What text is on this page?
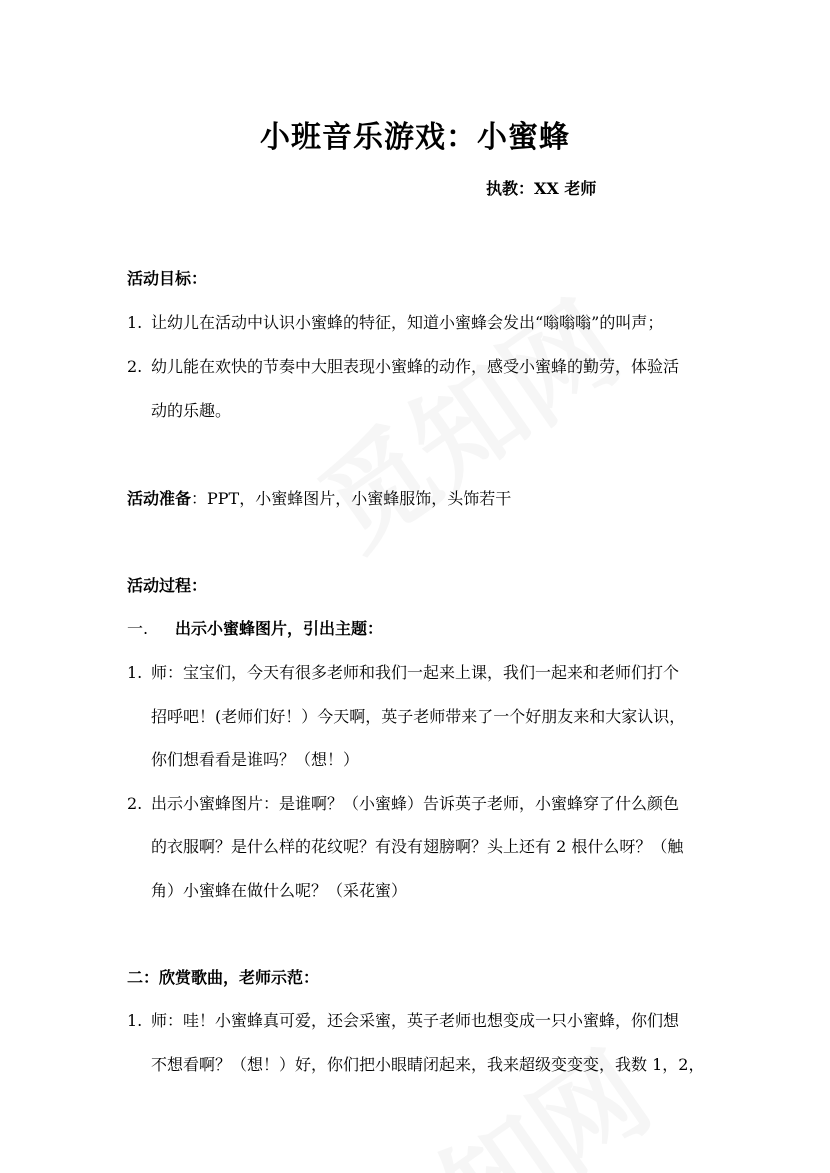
小班音乐游戏：小蜜蜂
执教：XX 老师
活动目标：
1. 让幼儿在活动中认识小蜜蜂的特征，知道小蜜蜂会发出“嗡嗡嗡”的叫声；
2. 幼儿能在欢快的节奏中大胆表现小蜜蜂的动作，感受小蜜蜂的勤劳，体验活
动的乐趣。
活动准备：PPT，小蜜蜂图片，小蜜蜂服饰，头饰若干
活动过程：
一. 出示小蜜蜂图片，引出主题：
1. 师：宝宝们，今天有很多老师和我们一起来上课，我们一起来和老师们打个
招呼吧！(老师们好！）今天啊，英子老师带来了一个好朋友来和大家认识，
你们想看看是谁吗？（想！）
2. 出示小蜜蜂图片：是谁啊？（小蜜蜂）告诉英子老师，小蜜蜂穿了什么颜色
的衣服啊？是什么样的花纹呢？有没有翅膀啊？头上还有 2 根什么呀？（触
角）小蜜蜂在做什么呢？（采花蜜）
二：欣赏歌曲，老师示范：
1. 师：哇！小蜜蜂真可爱，还会采蜜，英子老师也想变成一只小蜜蜂，你们想
不想看啊？（想！）好，你们把小眼睛闭起来，我来超级变变变，我数 1，2，
